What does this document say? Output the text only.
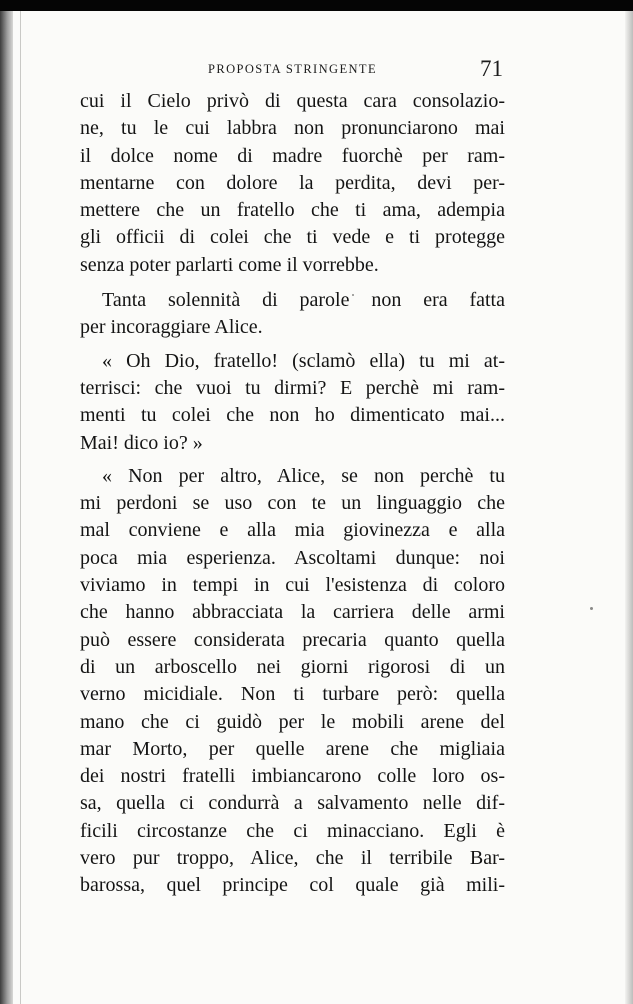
PROPOSTA STRINGENTE	71
cui il Cielo privò di questa cara consolazio-
ne, tu le cui labbra non pronunciarono mai
il dolce nome di madre fuorchè per ram-
mentarne con dolore la perdita, devi per-
mettere che un fratello che ti ama, adempia
gli officii di colei che ti vede e ti protegge
senza poter parlarti come il vorrebbe.
Tanta solennità di parole non era fatta
per incoraggiare Alice.
« Oh Dio, fratello! (sclamò ella) tu mi at-
terrisci: che vuoi tu dirmi? E perchè mi ram-
menti tu colei che non ho dimenticato mai...
Mai! dico io? »
« Non per altro, Alice, se non perchè tu
mi perdoni se uso con te un linguaggio che
mal conviene e alla mia giovinezza e alla
poca mia esperienza. Ascoltami dunque: noi
viviamo in tempi in cui l'esistenza di coloro
che hanno abbracciata la carriera delle armi
può essere considerata precaria quanto quella
di un arboscello nei giorni rigorosi di un
verno micidiale. Non ti turbare però: quella
mano che ci guidò per le mobili arene del
mar Morto, per quelle arene che migliaia
dei nostri fratelli imbiancarono colle loro os-
sa, quella ci condurrà a salvamento nelle dif-
ficili circostanze che ci minacciano. Egli è
vero pur troppo, Alice, che il terribile Bar-
barossa, quel principe col quale già mili-
